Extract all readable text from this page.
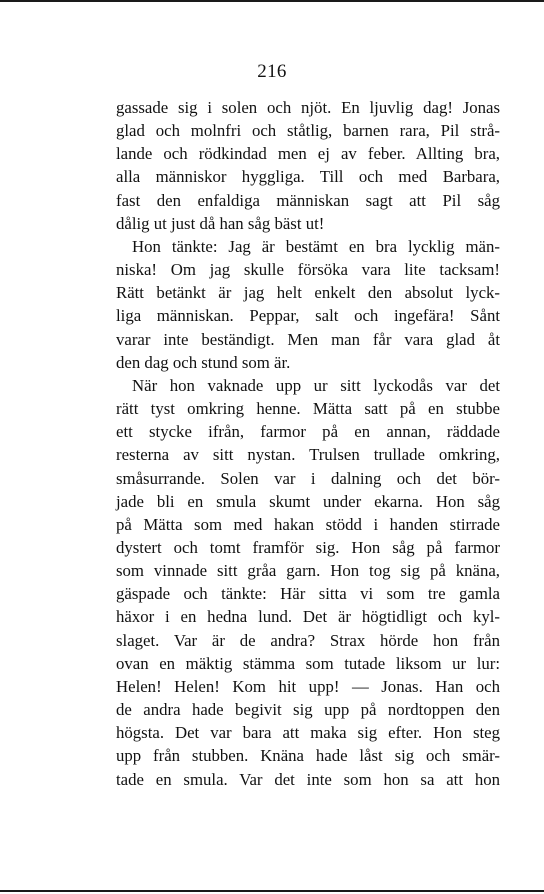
216
gassade sig i solen och njöt. En ljuvlig dag! Jonas
glad och molnfri och ståtlig, barnen rara, Pil strå-
lande och rödkindad men ej av feber. Allting bra,
alla människor hyggliga. Till och med Barbara,
fast den enfaldiga människan sagt att Pil såg
dålig ut just då han såg bäst ut!
Hon tänkte: Jag är bestämt en bra lycklig män-
niska! Om jag skulle försöka vara lite tacksam!
Rätt betänkt är jag helt enkelt den absolut lyck-
liga människan. Peppar, salt och ingefära! Sånt
varar inte beständigt. Men man får vara glad åt
den dag och stund som är.
När hon vaknade upp ur sitt lyckodås var det
rätt tyst omkring henne. Mätta satt på en stubbe
ett stycke ifrån, farmor på en annan, räddade
resterna av sitt nystan. Trulsen trullade omkring,
småsurrande. Solen var i dalning och det bör-
jade bli en smula skumt under ekarna. Hon såg
på Mätta som med hakan stödd i handen stirrade
dystert och tomt framför sig. Hon såg på farmor
som vinnade sitt gråa garn. Hon tog sig på knäna,
gäspade och tänkte: Här sitta vi som tre gamla
häxor i en hedna lund. Det är högtidligt och kyl-
slaget. Var är de andra? Strax hörde hon från
ovan en mäktig stämma som tutade liksom ur lur:
Helen! Helen! Kom hit upp! — Jonas. Han och
de andra hade begivit sig upp på nordtoppen den
högsta. Det var bara att maka sig efter. Hon steg
upp från stubben. Knäna hade låst sig och smär-
tade en smula. Var det inte som hon sa att hon
